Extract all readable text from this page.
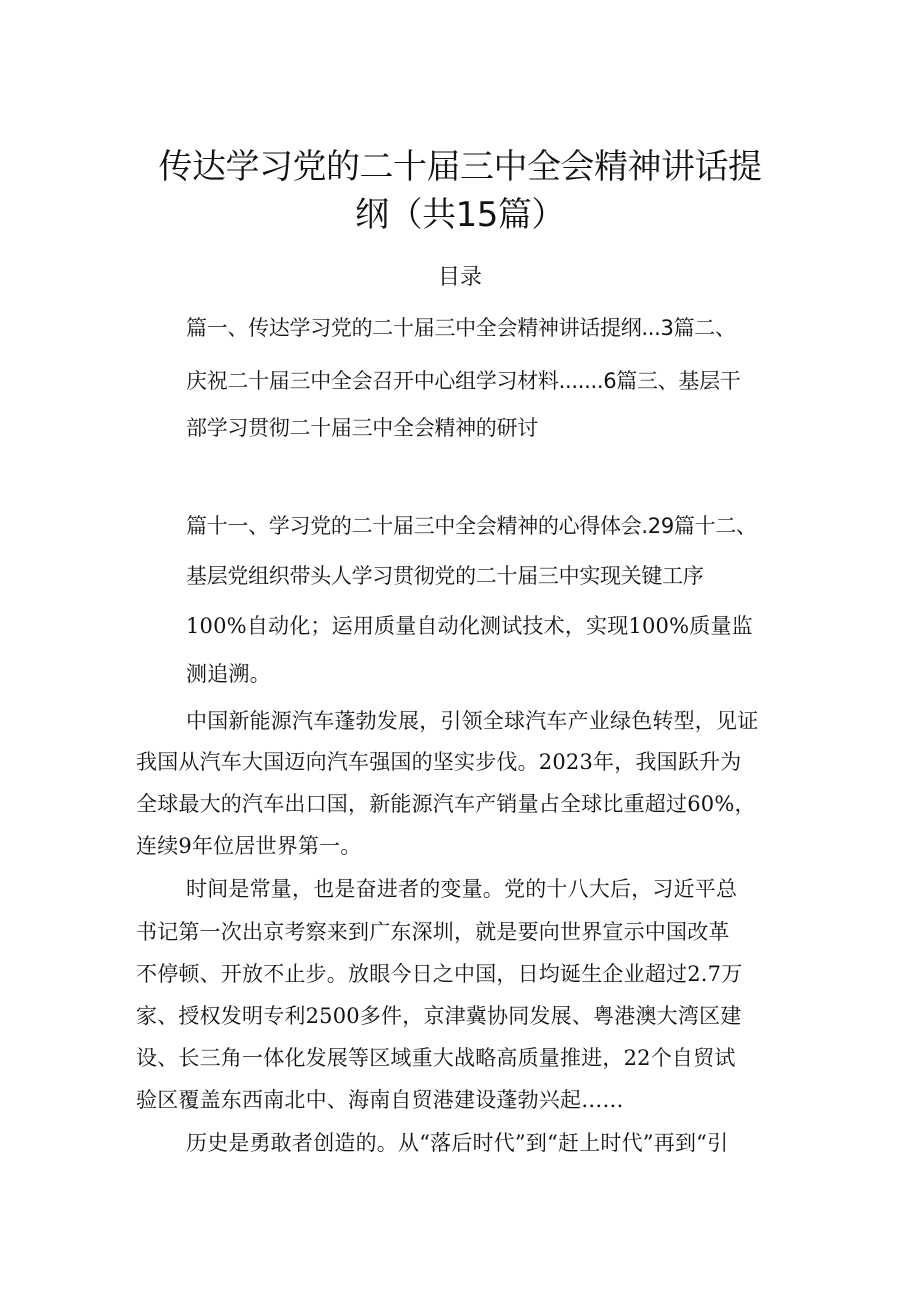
传达学习党的二十届三中全会精神讲话提
纲（共15篇）
目录
篇一、传达学习党的二十届三中全会精神讲话提纲...3篇二、
庆祝二十届三中全会召开中心组学习材料.......6篇三、基层干
部学习贯彻二十届三中全会精神的研讨
篇十一、学习党的二十届三中全会精神的心得体会.29篇十二、
基层党组织带头人学习贯彻党的二十届三中实现关键工序
100%自动化；运用质量自动化测试技术，实现100%质量监
测追溯。
中国新能源汽车蓬勃发展，引领全球汽车产业绿色转型，见证
我国从汽车大国迈向汽车强国的坚实步伐。2023年，我国跃升为
全球最大的汽车出口国，新能源汽车产销量占全球比重超过60%，
连续9年位居世界第一。
时间是常量，也是奋进者的变量。党的十八大后，习近平总
书记第一次出京考察来到广东深圳，就是要向世界宣示中国改革
不停顿、开放不止步。放眼今日之中国，日均诞生企业超过2.7万
家、授权发明专利2500多件，京津冀协同发展、粤港澳大湾区建
设、长三角一体化发展等区域重大战略高质量推进，22个自贸试
验区覆盖东西南北中、海南自贸港建设蓬勃兴起……
历史是勇敢者创造的。从“落后时代”到“赶上时代”再到“引
